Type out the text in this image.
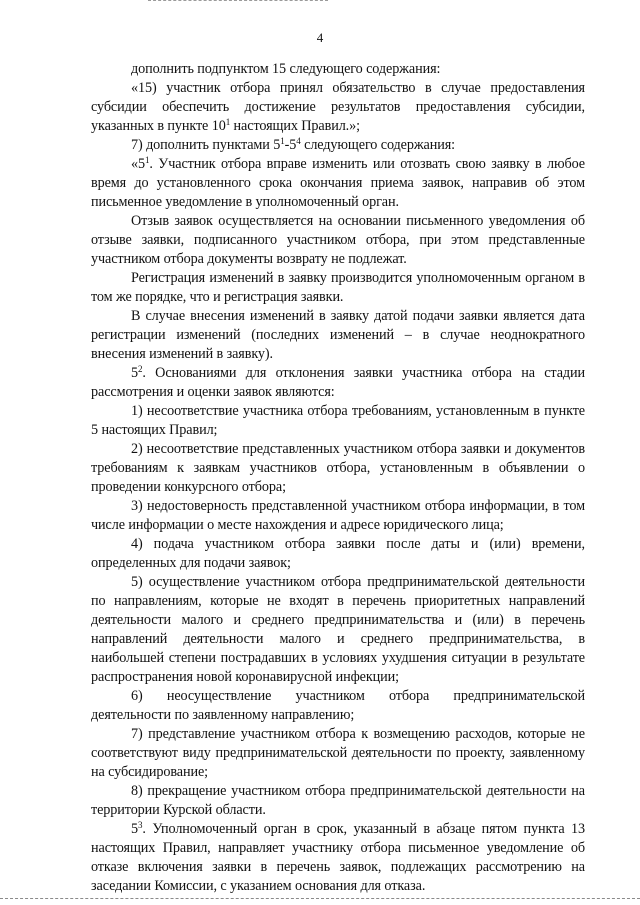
4

дополнить подпунктом 15 следующего содержания:

«15) участник отбора принял обязательство в случае предоставления субсидии обеспечить достижение результатов предоставления субсидии, указанных в пункте $10^1$ настоящих Правил.»;

7) дополнить пунктами $5^1-5^4$ следующего содержания:

«$5^1$. Участник отбора вправе изменить или отозвать свою заявку в любое время до установленного срока окончания приема заявок, направив об этом письменное уведомление в уполномоченный орган.

Отзыв заявок осуществляется на основании письменного уведомления об отзыве заявки, подписанного участником отбора, при этом представленные участником отбора документы возврату не подлежат.

Регистрация изменений в заявку производится уполномоченным органом в том же порядке, что и регистрация заявки.

В случае внесения изменений в заявку датой подачи заявки является дата регистрации изменений (последних изменений – в случае неоднократного внесения изменений в заявку).

$5^2$. Основаниями для отклонения заявки участника отбора на стадии рассмотрения и оценки заявок являются:

1) несоответствие участника отбора требованиям, установленным в пункте 5 настоящих Правил;

2) несоответствие представленных участником отбора заявки и документов требованиям к заявкам участников отбора, установленным в объявлении о проведении конкурсного отбора;

3) недостоверность представленной участником отбора информации, в том числе информации о месте нахождения и адресе юридического лица;

4) подача участником отбора заявки после даты и (или) времени, определенных для подачи заявок;

5) осуществление участником отбора предпринимательской деятельности по направлениям, которые не входят в перечень приоритетных направлений деятельности малого и среднего предпринимательства и (или) в перечень направлений деятельности малого и среднего предпринимательства, в наибольшей степени пострадавших в условиях ухудшения ситуации в результате распространения новой коронавирусной инфекции;

6) неосуществление участником отбора предпринимательской деятельности по заявленному направлению;

7) представление участником отбора к возмещению расходов, которые не соответствуют виду предпринимательской деятельности по проекту, заявленному на субсидирование;

8) прекращение участником отбора предпринимательской деятельности на территории Курской области.

$5^3$. Уполномоченный орган в срок, указанный в абзаце пятом пункта 13 настоящих Правил, направляет участнику отбора письменное уведомление об отказе включения заявки в перечень заявок, подлежащих рассмотрению на заседании Комиссии, с указанием основания для отказа.
